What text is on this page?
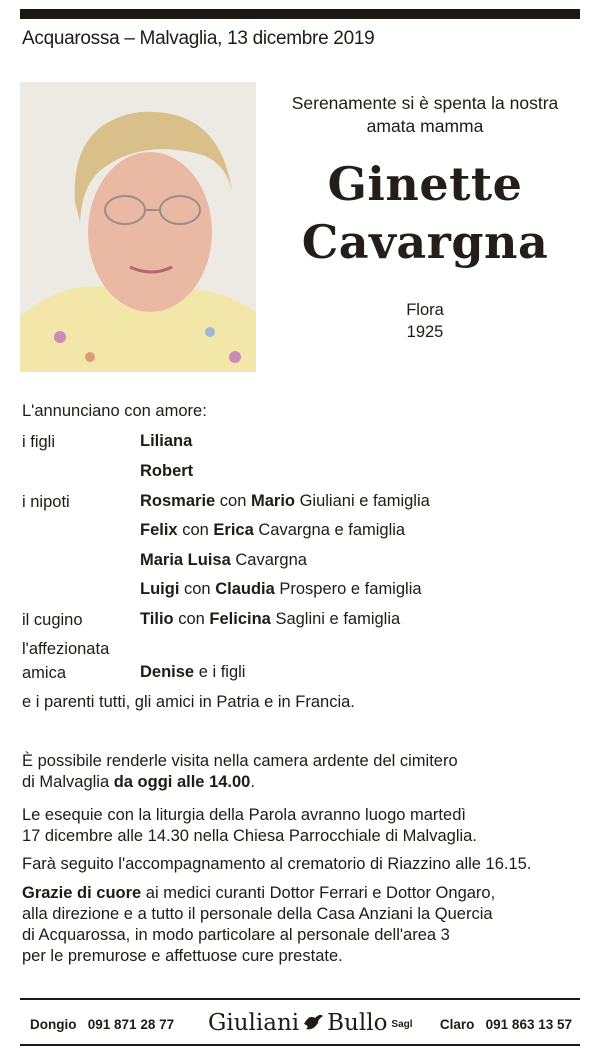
Acquarossa – Malvaglia, 13 dicembre 2019
Serenamente si è spenta la nostra
amata mamma
Ginette
Cavargna
Flora
1925
L'annunciano con amore:
i figli	Liliana
Robert
i nipoti	Rosmarie con Mario Giuliani e famiglia
Felix con Erica Cavargna e famiglia
Maria Luisa Cavargna
Luigi con Claudia Prospero e famiglia
il cugino	Tilio con Felicina Saglini e famiglia
l'affezionata
amica	Denise e i figli
e i parenti tutti, gli amici in Patria e in Francia.
È possibile renderle visita nella camera ardente del cimitero
di Malvaglia da oggi alle 14.00.
Le esequie con la liturgia della Parola avranno luogo martedì
17 dicembre alle 14.30 nella Chiesa Parrocchiale di Malvaglia.
Farà seguito l'accompagnamento al crematorio di Riazzino alle 16.15.
Grazie di cuore ai medici curanti Dottor Ferrari e Dottor Ongaro,
alla direzione e a tutto il personale della Casa Anziani la Quercia
di Acquarossa, in modo particolare al personale dell'area 3
per le premurose e affettuose cure prestate.
Dongio 091 871 28 77 Giuliani Bullo Sagl Claro 091 863 13 57
